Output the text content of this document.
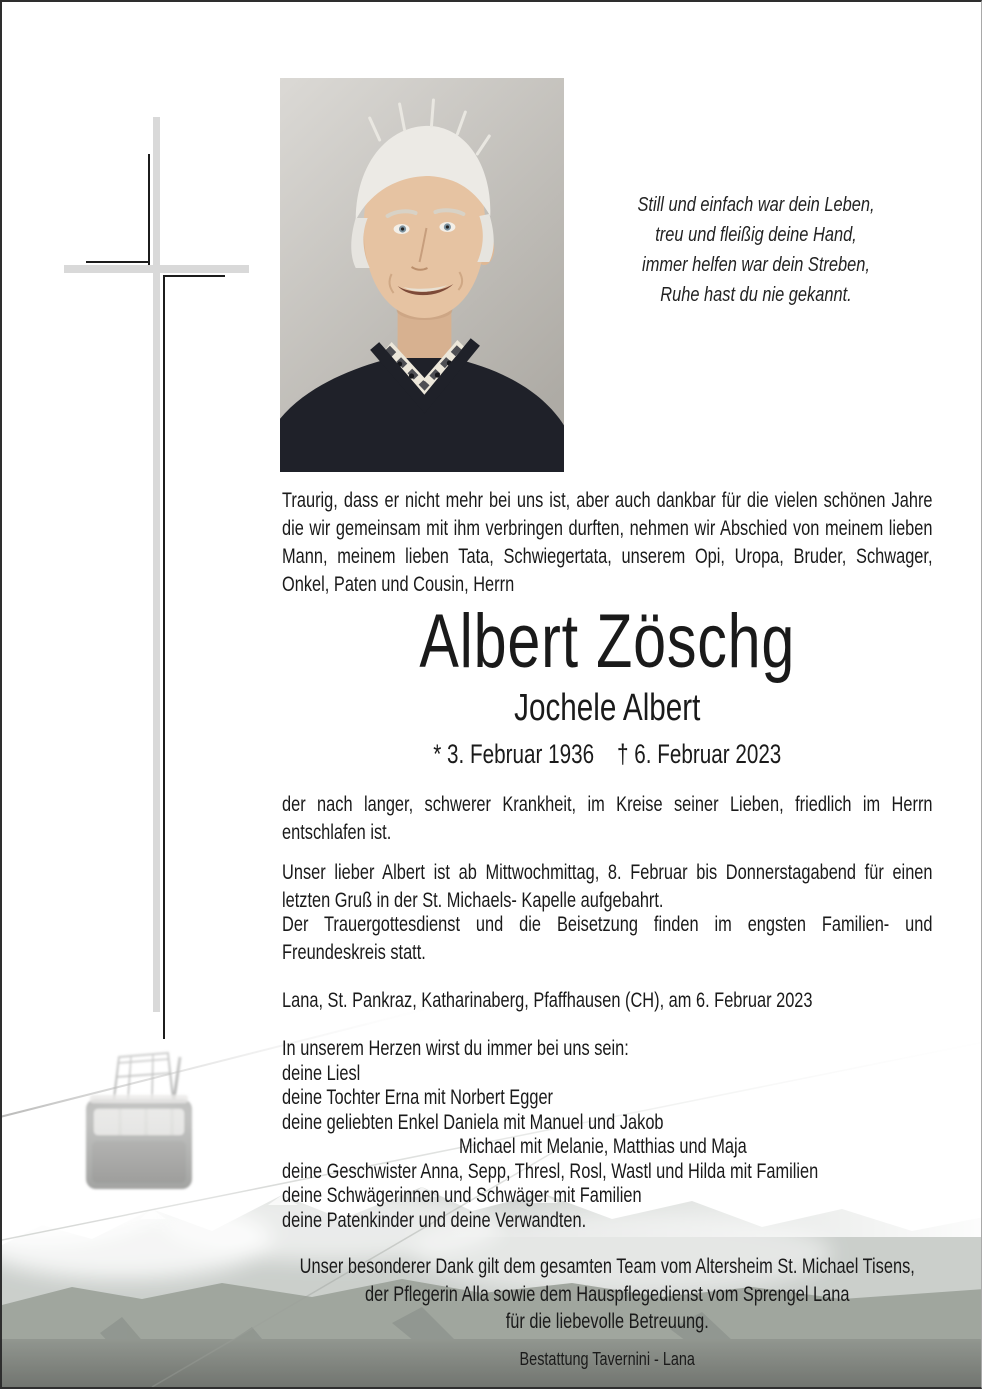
Still und einfach war dein Leben,
treu und fleißig deine Hand,
immer helfen war dein Streben,
Ruhe hast du nie gekannt.
Traurig, dass er nicht mehr bei uns ist, aber auch dankbar für die vielen schönen Jahre die wir gemeinsam mit ihm verbringen durften, nehmen wir Abschied von meinem lieben Mann, meinem lieben Tata, Schwiegertata, unserem Opi, Uropa, Bruder, Schwager, Onkel, Paten und Cousin, Herrn
Albert Zöschg
Jochele Albert
* 3. Februar 1936 † 6. Februar 2023
der nach langer, schwerer Krankheit, im Kreise seiner Lieben, friedlich im Herrn entschlafen ist.
Unser lieber Albert ist ab Mittwochmittag, 8. Februar bis Donnerstagabend für einen letzten Gruß in der St. Michaels- Kapelle aufgebahrt.
Der Trauergottesdienst und die Beisetzung finden im engsten Familien- und Freundeskreis statt.
Lana, St. Pankraz, Katharinaberg, Pfaffhausen (CH), am 6. Februar 2023
In unserem Herzen wirst du immer bei uns sein:
deine Liesl
deine Tochter Erna mit Norbert Egger
deine geliebten Enkel Daniela mit Manuel und Jakob
Michael mit Melanie, Matthias und Maja
deine Geschwister Anna, Sepp, Thresl, Rosl, Wastl und Hilda mit Familien
deine Schwägerinnen und Schwäger mit Familien
deine Patenkinder und deine Verwandten.
Unser besonderer Dank gilt dem gesamten Team vom Altersheim St. Michael Tisens,
der Pflegerin Alla sowie dem Hauspflegedienst vom Sprengel Lana
für die liebevolle Betreuung.
Bestattung Tavernini - Lana
